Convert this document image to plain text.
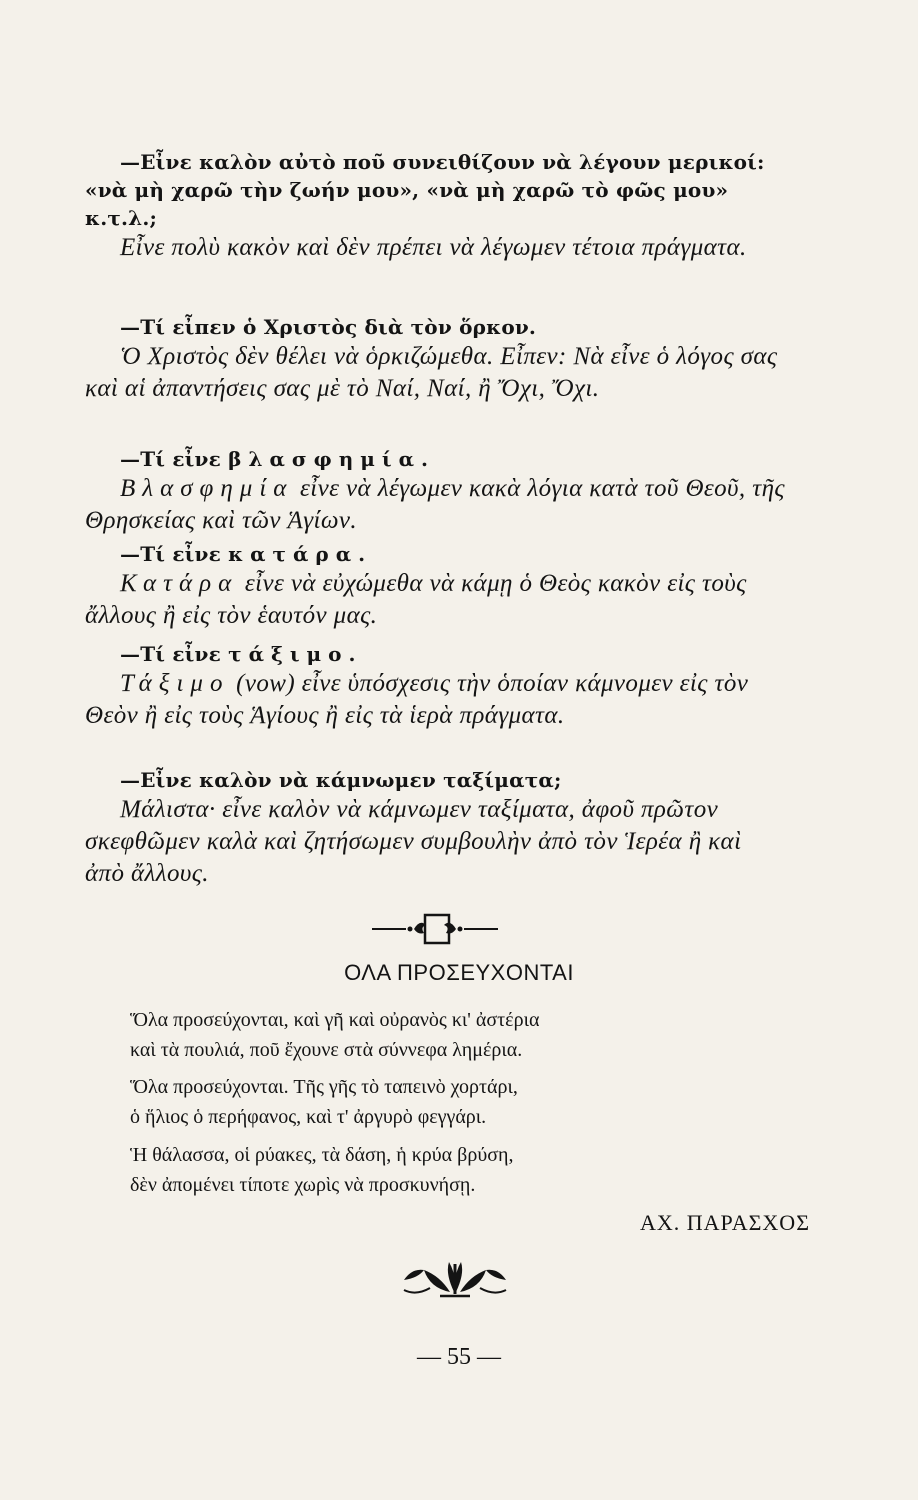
—Εἶνε καλὸν αὐτὸ ποῦ συνειθίζουν νὰ λέγουν μερικοί: «νὰ μὴ χαρῶ τὴν ζωήν μου», «νὰ μὴ χαρῶ τὸ φῶς μου» κ.τ.λ.;

Εἶνε πολὺ κακὸν καὶ δὲν πρέπει νὰ λέγωμεν τέτοια πράγματα.

—Τί εἶπεν ὁ Χριστὸς διὰ τὸν ὅρκον.

Ὁ Χριστὸς δὲν θέλει νὰ ὁρκιζώμεθα. Εἶπεν: Νὰ εἶνε ὁ λόγος σας καὶ αἱ ἀπαντήσεις σας μὲ τὸ Ναί, Ναί, ἢ Ὄχι, Ὄχι.

—Τί εἶνε βλασφημία.

Βλασφημία εἶνε νὰ λέγωμεν κακὰ λόγια κατὰ τοῦ Θεοῦ, τῆς Θρησκείας καὶ τῶν Ἁγίων.

—Τί εἶνε κατάρα.

Κατάρα εἶνε νὰ εὐχώμεθα νὰ κάμῃ ὁ Θεὸς κακὸν εἰς τοὺς ἄλλους ἢ εἰς τὸν ἑαυτόν μας.

—Τί εἶνε τάξιμο.

Τάξιμο (vow) εἶνε ὑπόσχεσις τὴν ὁποίαν κάμνομεν εἰς τὸν Θεὸν ἢ εἰς τοὺς Ἁγίους ἢ εἰς τὰ ἱερὰ πράγματα.

—Εἶνε καλὸν νὰ κάμνωμεν ταξίματα;

Μάλιστα· εἶνε καλὸν νὰ κάμνωμεν ταξίματα, ἀφοῦ πρῶτον σκεφθῶμεν καλὰ καὶ ζητήσωμεν συμβουλὴν ἀπὸ τὸν Ἱερέα ἢ καὶ ἀπὸ ἄλλους.

ΟΛΑ ΠΡΟΣΕΥΧΟΝΤΑΙ

Ὅλα προσεύχονται, καὶ γῆ καὶ οὐρανὸς κι' ἀστέρια

καὶ τὰ πουλιά, ποῦ ἔχουνε στὰ σύννεφα λημέρια.

Ὅλα προσεύχονται. Τῆς γῆς τὸ ταπεινὸ χορτάρι,

ὁ ἥλιος ὁ περήφανος, καὶ τ' ἀργυρὸ φεγγάρι.

Ἡ θάλασσα, οἱ ρύακες, τὰ δάση, ἡ κρύα βρύση,

δὲν ἀπομένει τίποτε χωρὶς νὰ προσκυνήσῃ.

ΑΧ. ΠΑΡΑΣΧΟΣ
— 55 —
